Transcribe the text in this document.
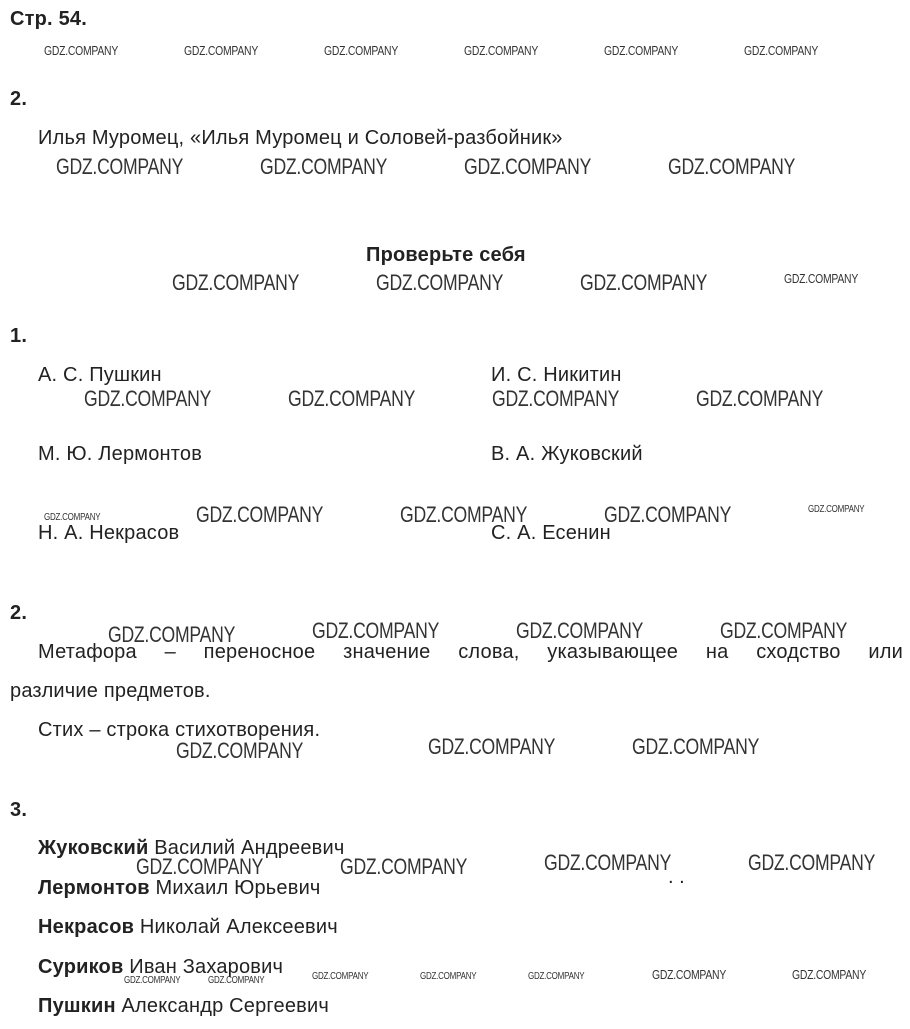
Стр. 54.
2.
Илья Муромец, «Илья Муромец и Соловей-разбойник»
Проверьте себя
1.
А. С. Пушкин	И. С. Никитин
М. Ю. Лермонтов	В. А. Жуковский
Н. А. Некрасов	С. А. Есенин
2.
Метафора – переносное значение слова, указывающее на сходство или
различие предметов.
Стих – строка стихотворения.
3.
Жуковский Василий Андреевич
Лермонтов Михаил Юрьевич
Некрасов Николай Алексеевич
Суриков Иван Захарович
Пушкин Александр Сергеевич
. .
GDZ.COMPANY	GDZ.COMPANY	GDZ.COMPANY	GDZ.COMPANY	GDZ.COMPANY	GDZ.COMPANY
GDZ.COMPANY	GDZ.COMPANY	GDZ.COMPANY	GDZ.COMPANY
GDZ.COMPANY	GDZ.COMPANY	GDZ.COMPANY	GDZ.COMPANY
GDZ.COMPANY	GDZ.COMPANY	GDZ.COMPANY	GDZ.COMPANY
GDZ.COMPANY	GDZ.COMPANY	GDZ.COMPANY	GDZ.COMPANY	GDZ.COMPANY
GDZ.COMPANY	GDZ.COMPANY	GDZ.COMPANY	GDZ.COMPANY
GDZ.COMPANY	GDZ.COMPANY	GDZ.COMPANY
GDZ.COMPANY	GDZ.COMPANY	GDZ.COMPANY	GDZ.COMPANY
GDZ.COMPANY	GDZ.COMPANY	GDZ.COMPANY	GDZ.COMPANY	GDZ.COMPANY	GDZ.COMPANY	GDZ.COMPANY
